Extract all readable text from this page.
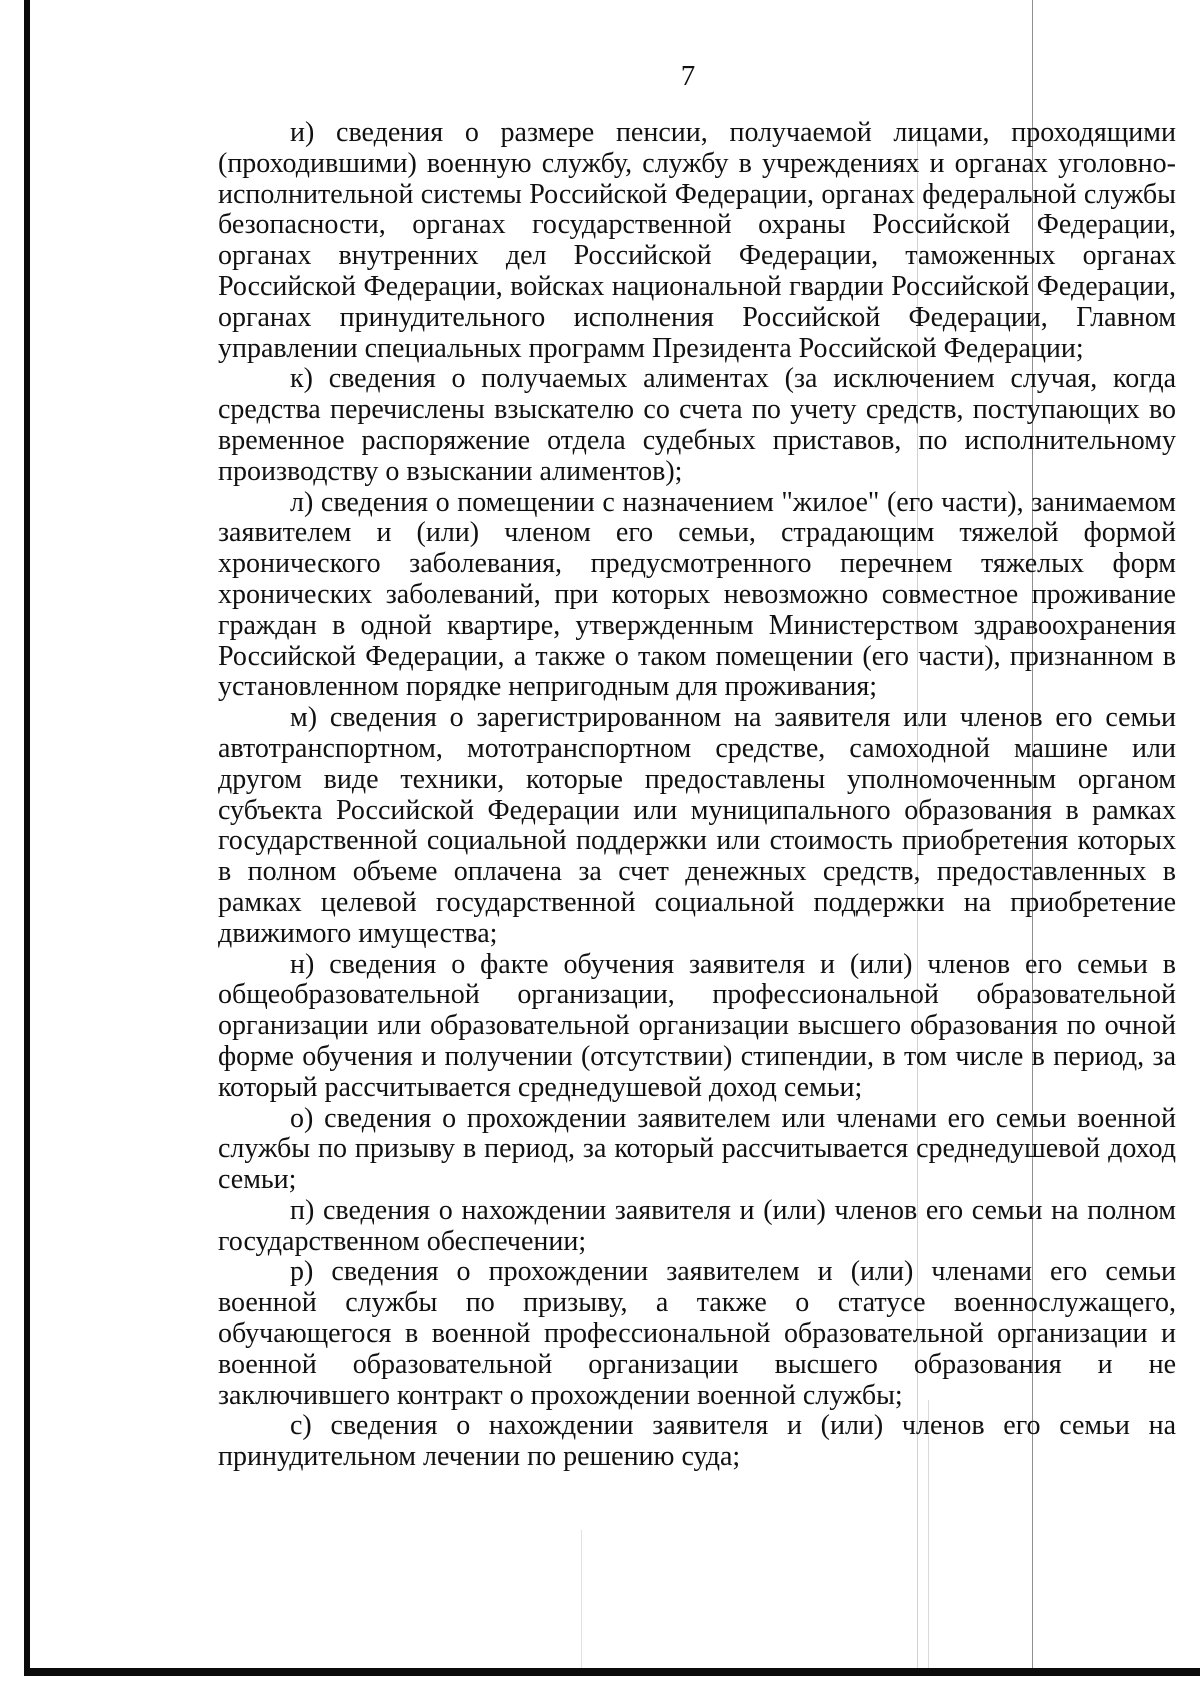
7

и) сведения о размере пенсии, получаемой лицами, проходящими (проходившими) военную службу, службу в учреждениях и органах уголовно-исполнительной системы Российской Федерации, органах федеральной службы безопасности, органах государственной охраны Российской Федерации, органах внутренних дел Российской Федерации, таможенных органах Российской Федерации, войсках национальной гвардии Российской Федерации, органах принудительного исполнения Российской Федерации, Главном управлении специальных программ Президента Российской Федерации;

к) сведения о получаемых алиментах (за исключением случая, когда средства перечислены взыскателю со счета по учету средств, поступающих во временное распоряжение отдела судебных приставов, по исполнительному производству о взыскании алиментов);

л) сведения о помещении с назначением "жилое" (его части), занимаемом заявителем и (или) членом его семьи, страдающим тяжелой формой хронического заболевания, предусмотренного перечнем тяжелых форм хронических заболеваний, при которых невозможно совместное проживание граждан в одной квартире, утвержденным Министерством здравоохранения Российской Федерации, а также о таком помещении (его части), признанном в установленном порядке непригодным для проживания;

м) сведения о зарегистрированном на заявителя или членов его семьи автотранспортном, мототранспортном средстве, самоходной машине или другом виде техники, которые предоставлены уполномоченным органом субъекта Российской Федерации или муниципального образования в рамках государственной социальной поддержки или стоимость приобретения которых в полном объеме оплачена за счет денежных средств, предоставленных в рамках целевой государственной социальной поддержки на приобретение движимого имущества;

н) сведения о факте обучения заявителя и (или) членов его семьи в общеобразовательной организации, профессиональной образовательной организации или образовательной организации высшего образования по очной форме обучения и получении (отсутствии) стипендии, в том числе в период, за который рассчитывается среднедушевой доход семьи;

о) сведения о прохождении заявителем или членами его семьи военной службы по призыву в период, за который рассчитывается среднедушевой доход семьи;

п) сведения о нахождении заявителя и (или) членов его семьи на полном государственном обеспечении;

р) сведения о прохождении заявителем и (или) членами его семьи военной службы по призыву, а также о статусе военнослужащего, обучающегося в военной профессиональной образовательной организации и военной образовательной организации высшего образования и не заключившего контракт о прохождении военной службы;

с) сведения о нахождении заявителя и (или) членов его семьи на принудительном лечении по решению суда;
